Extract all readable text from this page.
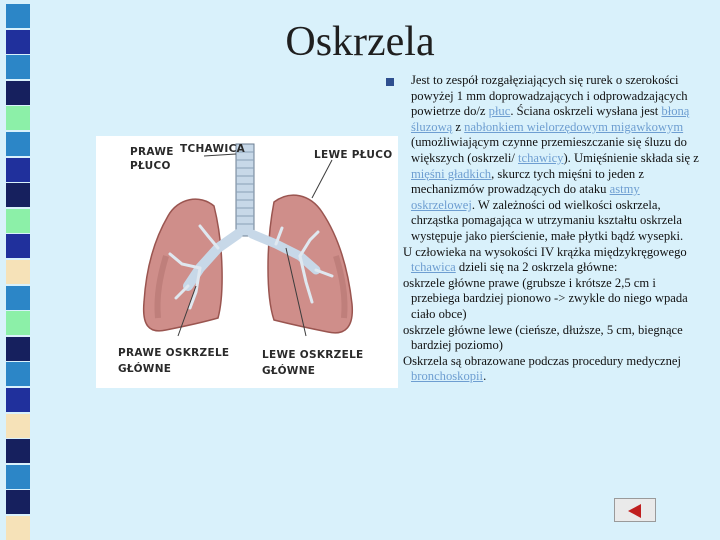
Oskrzela
PRAWE
PŁUCO
TCHAWICA	LEWE PŁUCO
PRAWE OSKRZELE
GŁÓWNE
LEWE OSKRZELE
GŁÓWNE

Jest to zespół rozgałęziających się rurek o szerokości powyżej 1 mm doprowadzających i odprowadzających powietrze do/z płuc. Ściana oskrzeli wysłana jest błoną śluzową z nabłonkiem wielorzędowym migawkowym (umożliwiającym czynne przemieszczanie się śluzu do większych (oskrzeli/ tchawicy). Umięśnienie składa się z mięśni gładkich, skurcz tych mięśni to jeden z mechanizmów prowadzących do ataku astmy oskrzelowej. W zależności od wielkości oskrzela, chrząstka pomagająca w utrzymaniu kształtu oskrzela występuje jako pierścienie, małe płytki bądź wysepki.

U człowieka na wysokości IV krążka międzykręgowego tchawica dzieli się na 2 oskrzela główne:

oskrzele główne prawe (grubsze i krótsze 2,5 cm i przebiega bardziej pionowo -> zwykle do niego wpada ciało obce)

oskrzele główne lewe (cieńsze, dłuższe, 5 cm, biegnące bardziej poziomo)

Oskrzela są obrazowane podczas procedury medycznej bronchoskopii.
